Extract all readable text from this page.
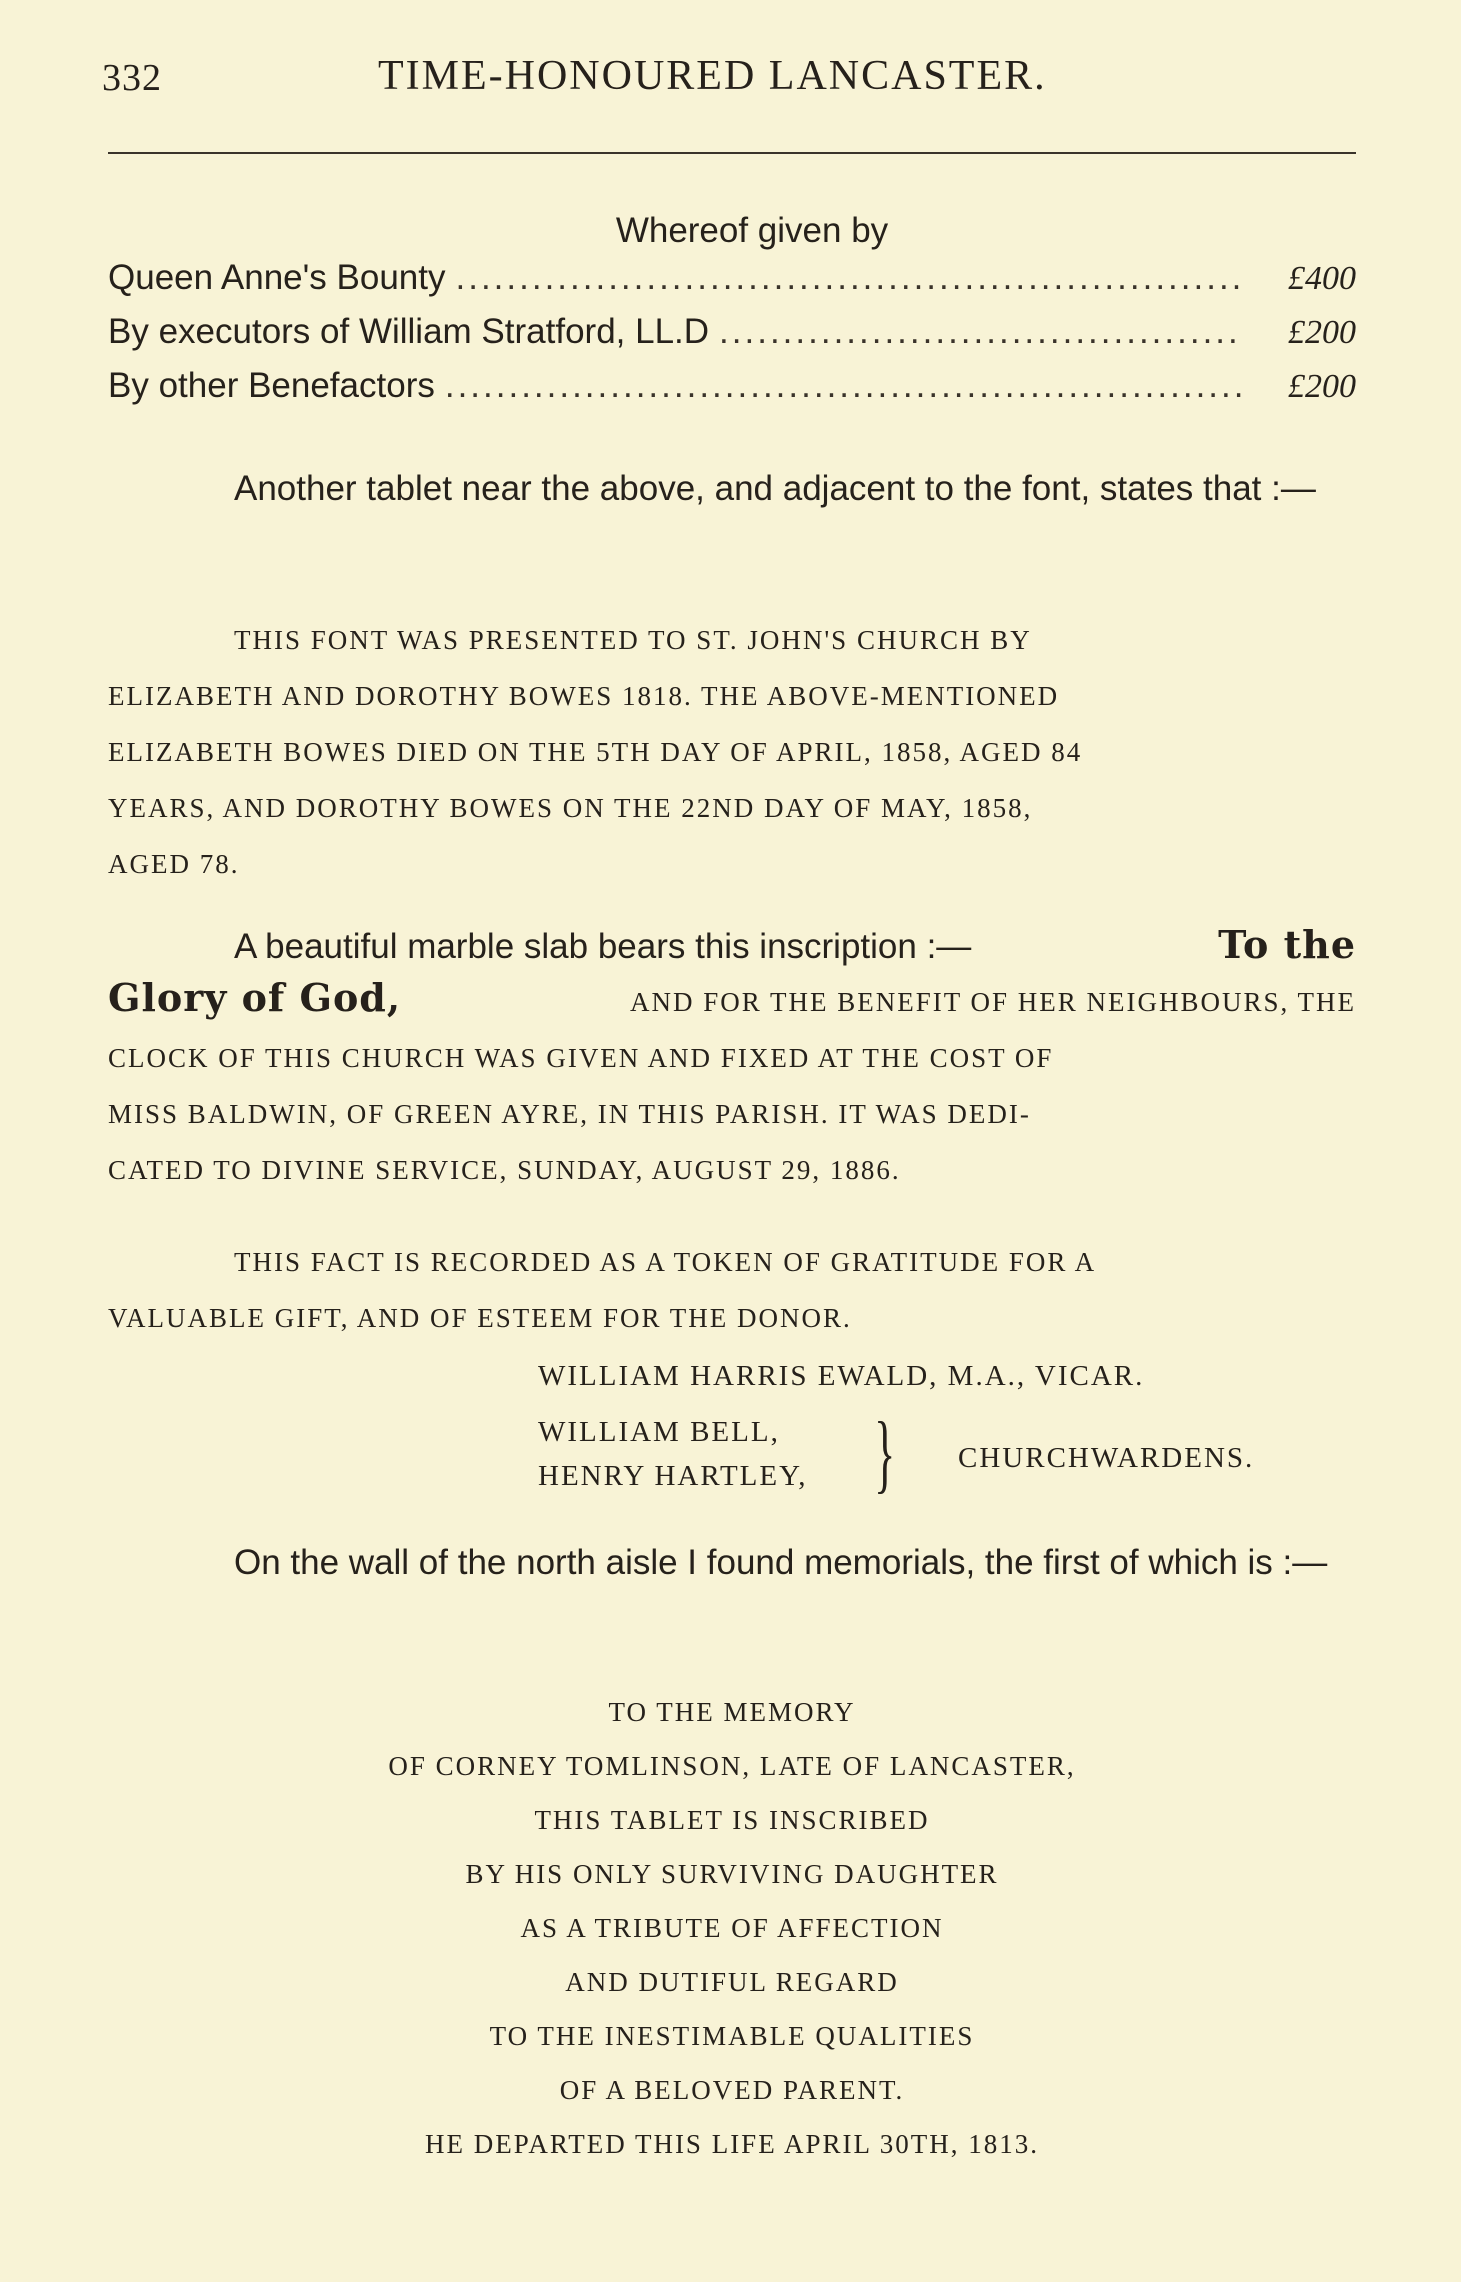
332	TIME-HONOURED LANCASTER.
Whereof given by
Queen Anne's Bounty .....	£400
By executors of William Stratford, LL.D .....	£200
By other Benefactors .....	£200
Another tablet near the above, and adjacent to the font, states that :—
THIS FONT WAS PRESENTED TO ST. JOHN'S CHURCH BY
ELIZABETH AND DOROTHY BOWES 1818. THE ABOVE-MENTIONED
ELIZABETH BOWES DIED ON THE 5TH DAY OF APRIL, 1858, AGED 84
YEARS, AND DOROTHY BOWES ON THE 22ND DAY OF MAY, 1858,
AGED 78.
A beautiful marble slab bears this inscription :—	To the
Glory of God,	AND FOR THE BENEFIT OF HER NEIGHBOURS, THE
CLOCK OF THIS CHURCH WAS GIVEN AND FIXED AT THE COST OF
MISS BALDWIN, OF GREEN AYRE, IN THIS PARISH. IT WAS DEDI-
CATED TO DIVINE SERVICE, SUNDAY, AUGUST 29, 1886.
THIS FACT IS RECORDED AS A TOKEN OF GRATITUDE FOR A
VALUABLE GIFT, AND OF ESTEEM FOR THE DONOR.
WILLIAM HARRIS EWALD, M.A., VICAR.
WILLIAM BELL,
HENRY HARTLEY, } CHURCHWARDENS.
On the wall of the north aisle I found memorials, the first of which is :—
TO THE MEMORY
OF CORNEY TOMLINSON, LATE OF LANCASTER,
THIS TABLET IS INSCRIBED
BY HIS ONLY SURVIVING DAUGHTER
AS A TRIBUTE OF AFFECTION
AND DUTIFUL REGARD
TO THE INESTIMABLE QUALITIES
OF A BELOVED PARENT.
HE DEPARTED THIS LIFE APRIL 30TH, 1813.
